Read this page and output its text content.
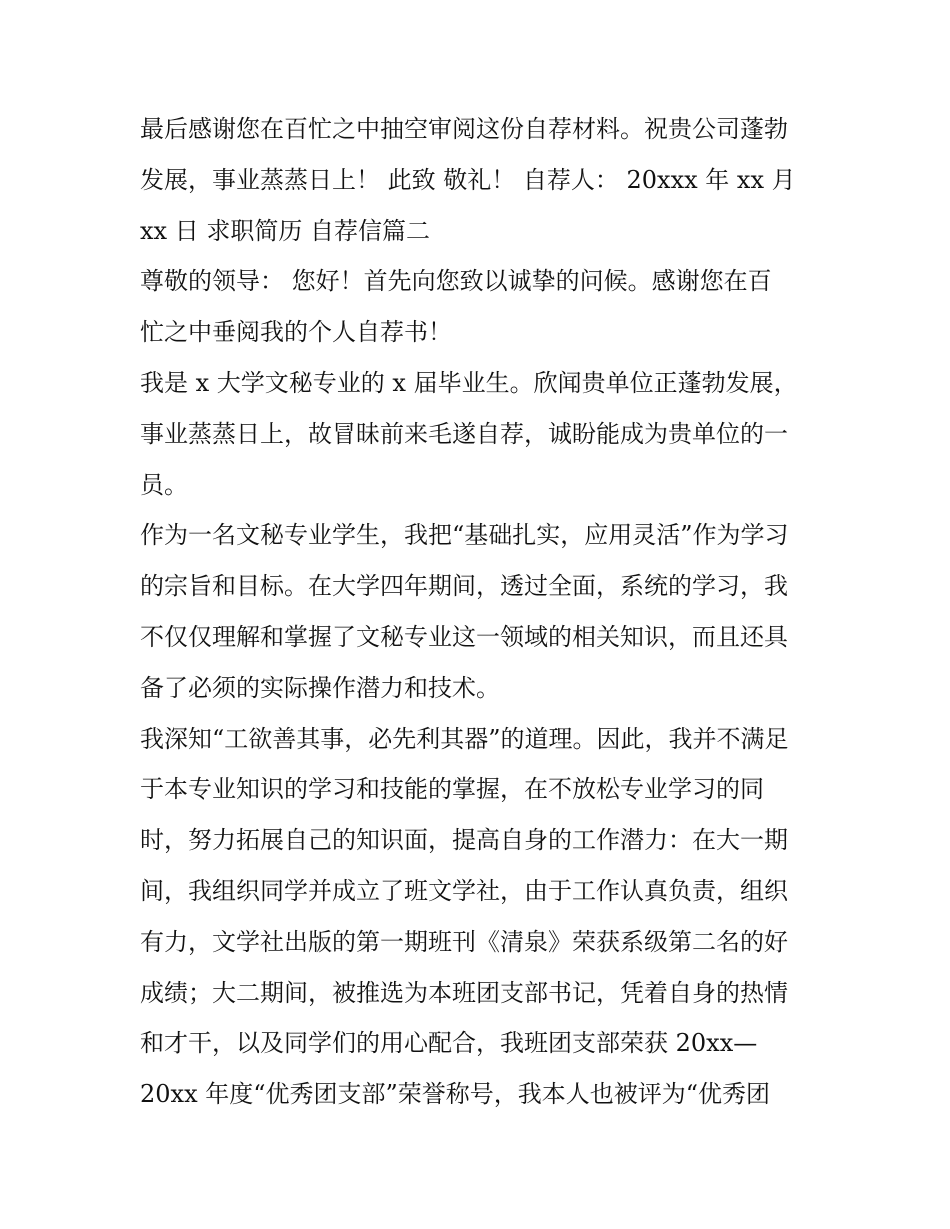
最后感谢您在百忙之中抽空审阅这份自荐材料。祝贵公司蓬勃
发展，事业蒸蒸日上！ 此致 敬礼！ 自荐人： 20xxx 年 xx 月
xx 日 求职简历 自荐信篇二
尊敬的领导： 您好！首先向您致以诚挚的问候。感谢您在百
忙之中垂阅我的个人自荐书！
我是 x 大学文秘专业的 x 届毕业生。欣闻贵单位正蓬勃发展，
事业蒸蒸日上，故冒昧前来毛遂自荐，诚盼能成为贵单位的一
员。
作为一名文秘专业学生，我把“基础扎实，应用灵活”作为学习
的宗旨和目标。在大学四年期间，透过全面，系统的学习，我
不仅仅理解和掌握了文秘专业这一领域的相关知识，而且还具
备了必须的实际操作潜力和技术。
我深知“工欲善其事，必先利其器”的道理。因此，我并不满足
于本专业知识的学习和技能的掌握，在不放松专业学习的同
时，努力拓展自己的知识面，提高自身的工作潜力：在大一期
间，我组织同学并成立了班文学社，由于工作认真负责，组织
有力，文学社出版的第一期班刊《清泉》荣获系级第二名的好
成绩；大二期间，被推选为本班团支部书记，凭着自身的热情
和才干，以及同学们的用心配合，我班团支部荣获 20xx—
20xx 年度“优秀团支部”荣誉称号，我本人也被评为“优秀团
